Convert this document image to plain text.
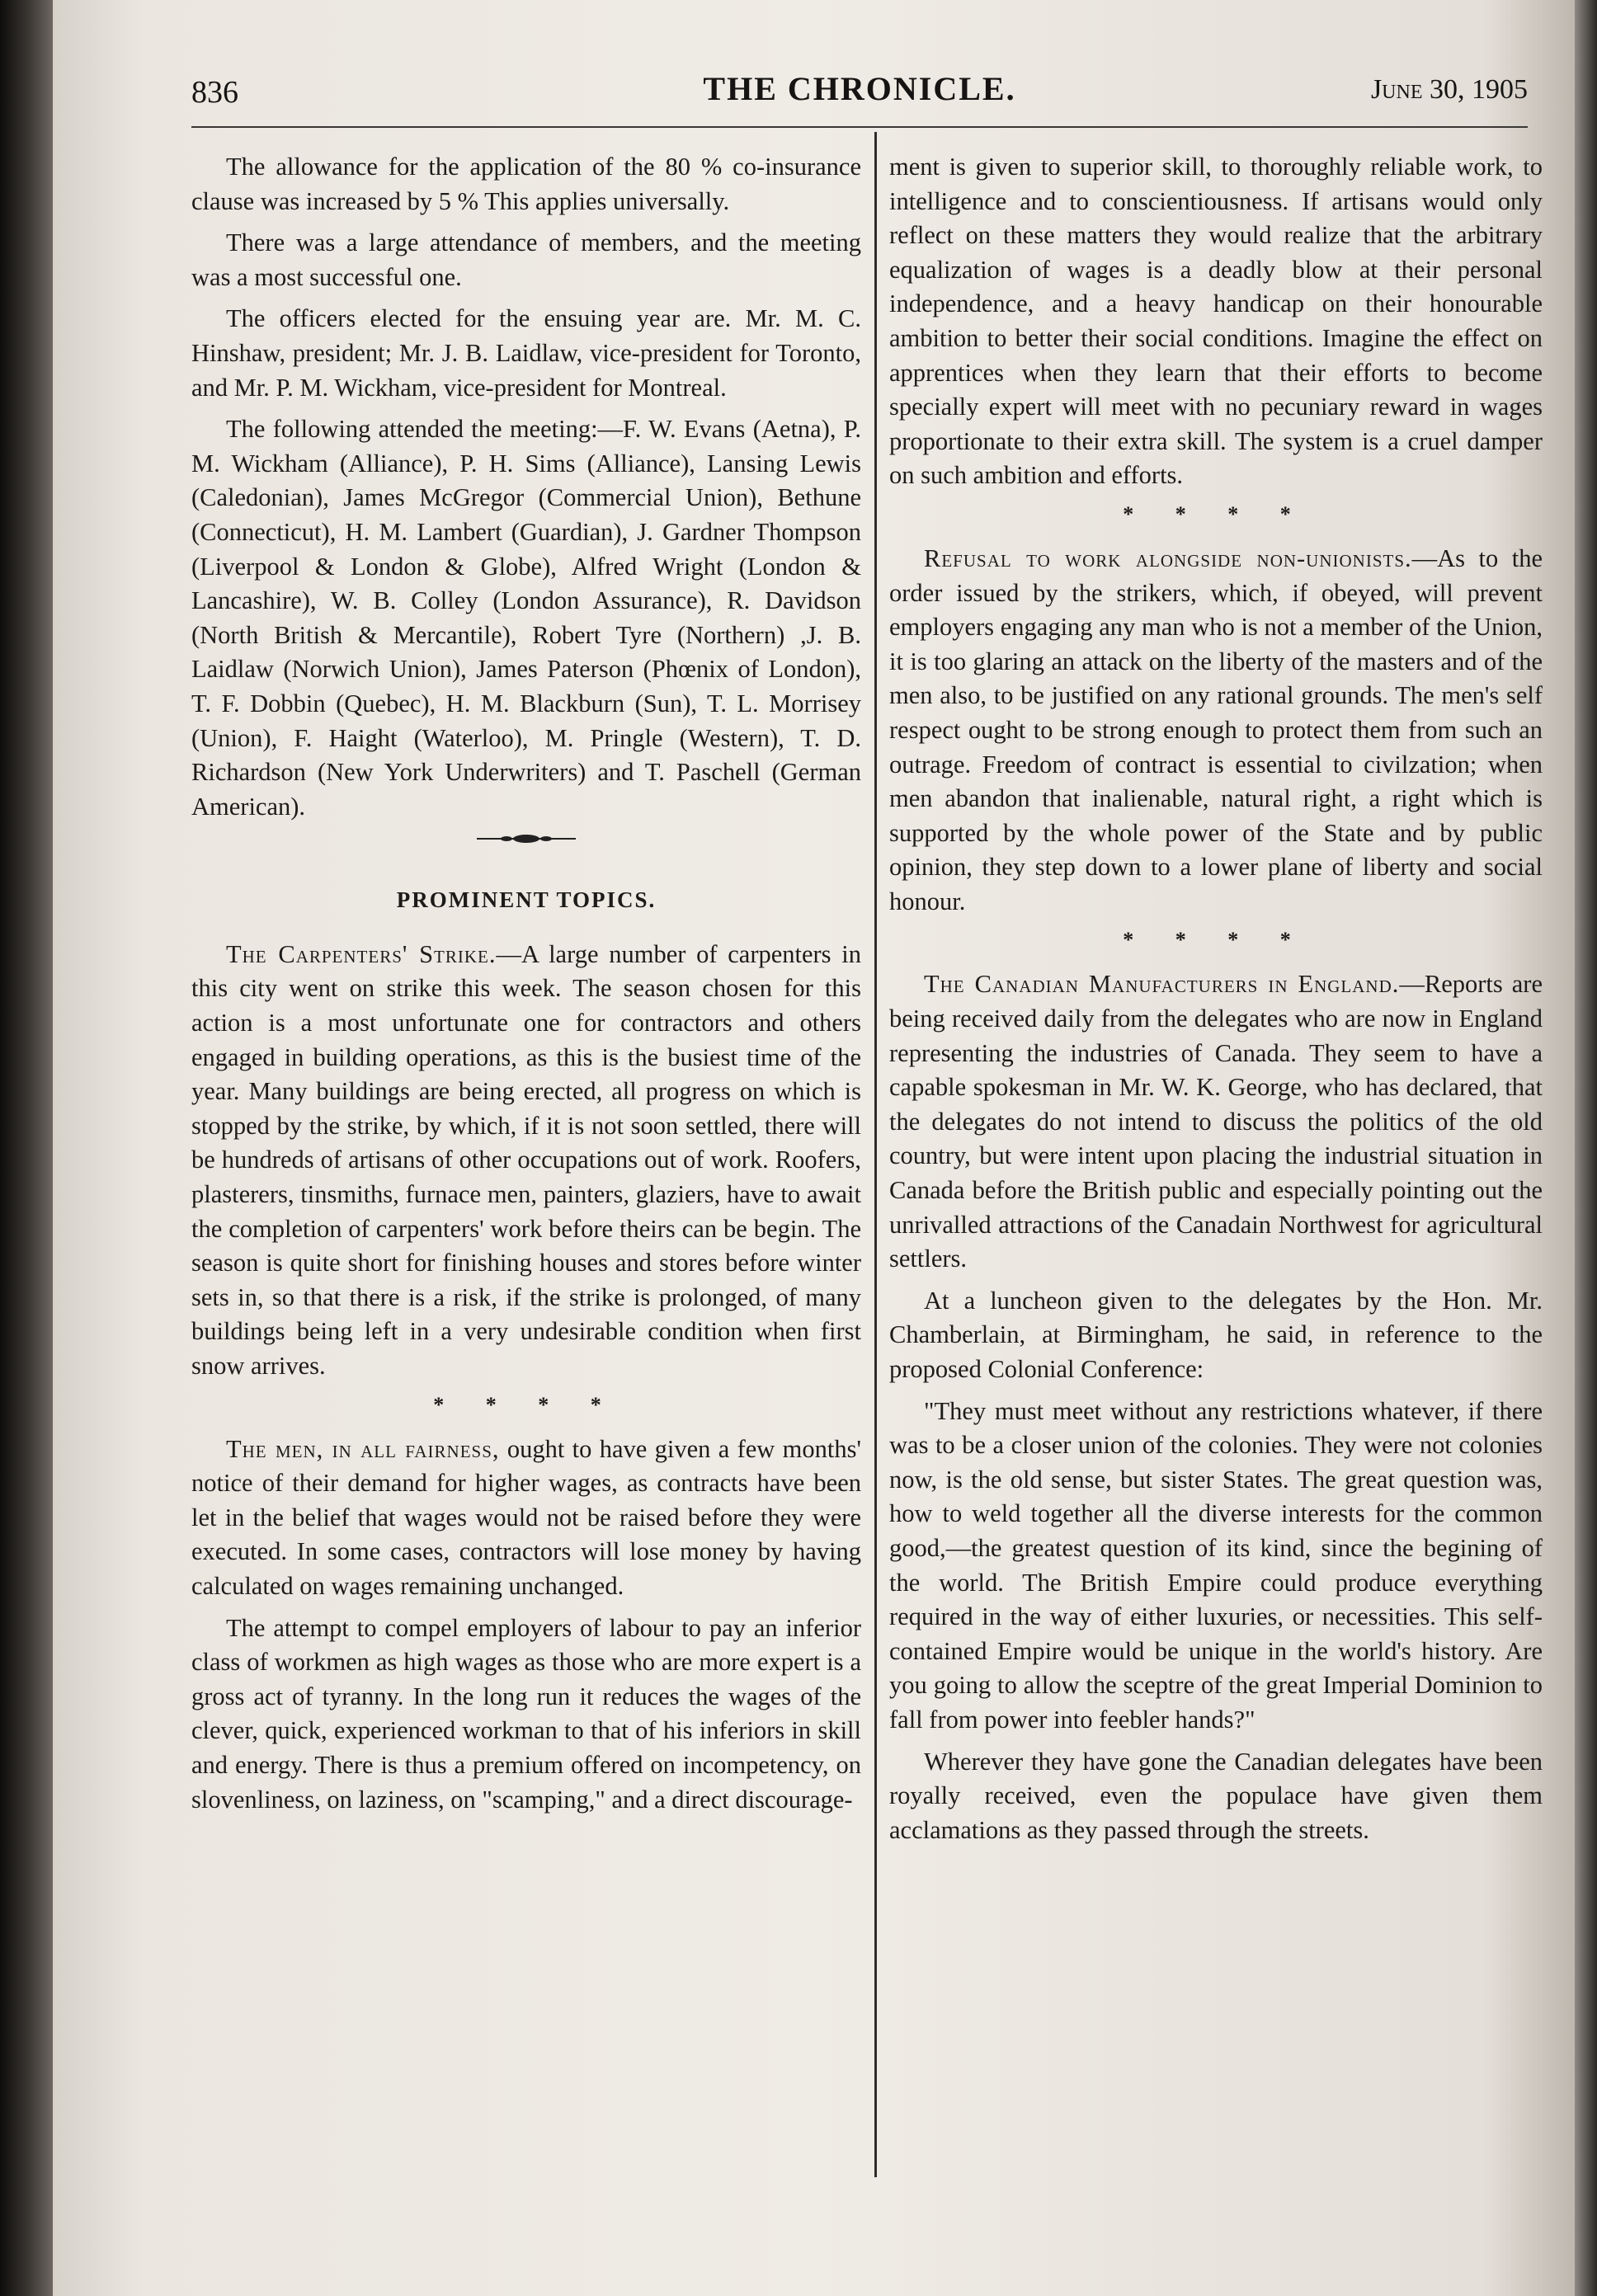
836	THE CHRONICLE.	June 30, 1905

The allowance for the application of the 80 % co-insurance clause was increased by 5 % This applies universally.

There was a large attendance of members, and the meeting was a most successful one.

The officers elected for the ensuing year are. Mr. M. C. Hinshaw, president; Mr. J. B. Laidlaw, vice-president for Toronto, and Mr. P. M. Wickham, vice-president for Montreal.

The following attended the meeting:—F. W. Evans (Aetna), P. M. Wickham (Alliance), P. H. Sims (Alliance), Lansing Lewis (Caledonian), James McGregor (Commercial Union), Bethune (Connecticut), H. M. Lambert (Guardian), J. Gardner Thompson (Liverpool & London & Globe), Alfred Wright (London & Lancashire), W. B. Colley (London Assurance), R. Davidson (North British & Mercantile), Robert Tyre (Northern) ,J. B. Laidlaw (Norwich Union), James Paterson (Phœnix of London), T. F. Dobbin (Quebec), H. M. Blackburn (Sun), T. L. Morrisey (Union), F. Haight (Waterloo), M. Pringle (Western), T. D. Richardson (New York Underwriters) and T. Paschell (German American).

PROMINENT TOPICS.

The Carpenters' Strike.—A large number of carpenters in this city went on strike this week. The season chosen for this action is a most unfortunate one for contractors and others engaged in building operations, as this is the busiest time of the year. Many buildings are being erected, all progress on which is stopped by the strike, by which, if it is not soon settled, there will be hundreds of artisans of other occupations out of work. Roofers, plasterers, tinsmiths, furnace men, painters, glaziers, have to await the completion of carpenters' work before theirs can be begin. The season is quite short for finishing houses and stores before winter sets in, so that there is a risk, if the strike is prolonged, of many buildings being left in a very undesirable condition when first snow arrives.

* * * *

The men, in all fairness, ought to have given a few months' notice of their demand for higher wages, as contracts have been let in the belief that wages would not be raised before they were executed. In some cases, contractors will lose money by having calculated on wages remaining unchanged.

The attempt to compel employers of labour to pay an inferior class of workmen as high wages as those who are more expert is a gross act of tyranny. In the long run it reduces the wages of the clever, quick, experienced workman to that of his inferiors in skill and energy. There is thus a premium offered on incompetency, on slovenliness, on laziness, on "scamping," and a direct discourage-

ment is given to superior skill, to thoroughly reliable work, to intelligence and to conscientiousness. If artisans would only reflect on these matters they would realize that the arbitrary equalization of wages is a deadly blow at their personal independence, and a heavy handicap on their honourable ambition to better their social conditions. Imagine the effect on apprentices when they learn that their efforts to become specially expert will meet with no pecuniary reward in wages proportionate to their extra skill. The system is a cruel damper on such ambition and efforts.

* * * *

Refusal to work alongside non-unionists.—As to the order issued by the strikers, which, if obeyed, will prevent employers engaging any man who is not a member of the Union, it is too glaring an attack on the liberty of the masters and of the men also, to be justified on any rational grounds. The men's self respect ought to be strong enough to protect them from such an outrage. Freedom of contract is essential to civilzation; when men abandon that inalienable, natural right, a right which is supported by the whole power of the State and by public opinion, they step down to a lower plane of liberty and social honour.

* * * *

The Canadian Manufacturers in England.—Reports are being received daily from the delegates who are now in England representing the industries of Canada. They seem to have a capable spokesman in Mr. W. K. George, who has declared, that the delegates do not intend to discuss the politics of the old country, but were intent upon placing the industrial situation in Canada before the British public and especially pointing out the unrivalled attractions of the Canadain Northwest for agricultural settlers.

At a luncheon given to the delegates by the Hon. Mr. Chamberlain, at Birmingham, he said, in reference to the proposed Colonial Conference:

"They must meet without any restrictions whatever, if there was to be a closer union of the colonies. They were not colonies now, is the old sense, but sister States. The great question was, how to weld together all the diverse interests for the common good,—the greatest question of its kind, since the begining of the world. The British Empire could produce everything required in the way of either luxuries, or necessities. This self-contained Empire would be unique in the world's history. Are you going to allow the sceptre of the great Imperial Dominion to fall from power into feebler hands?"

Wherever they have gone the Canadian delegates have been royally received, even the populace have given them acclamations as they passed through the streets.
